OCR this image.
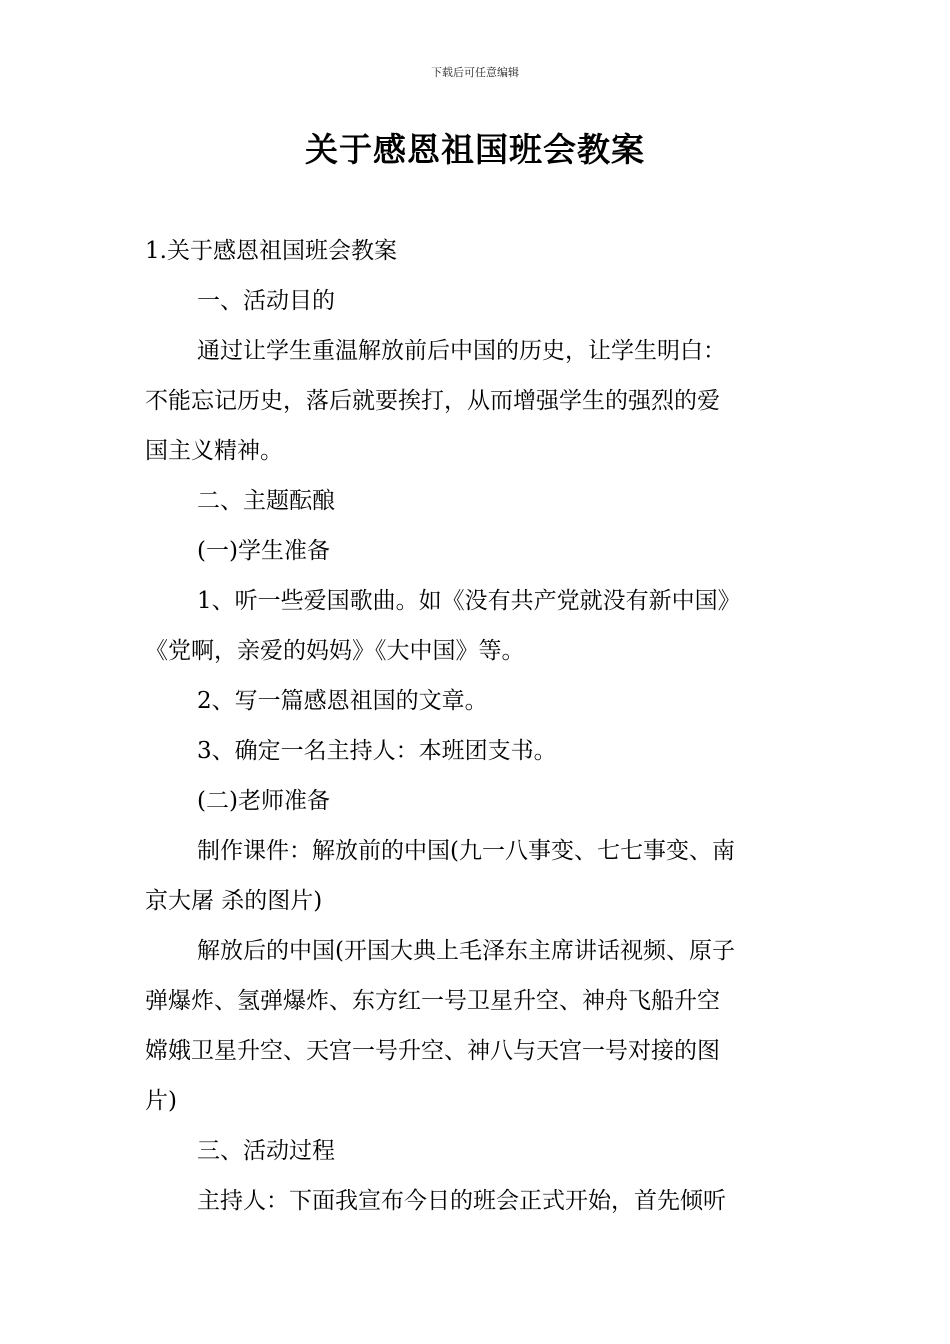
下载后可任意编辑
关于感恩祖国班会教案
1.关于感恩祖国班会教案
一、活动目的
通过让学生重温解放前后中国的历史，让学生明白：
不能忘记历史，落后就要挨打，从而增强学生的强烈的爱
国主义精神。
二、主题酝酿
(一)学生准备
1、听一些爱国歌曲。如《没有共产党就没有新中国》
《党啊，亲爱的妈妈》《大中国》等。
2、写一篇感恩祖国的文章。
3、确定一名主持人：本班团支书。
(二)老师准备
制作课件：解放前的中国(九一八事变、七七事变、南
京大屠 杀的图片)
解放后的中国(开国大典上毛泽东主席讲话视频、原子
弹爆炸、氢弹爆炸、东方红一号卫星升空、神舟飞船升空
嫦娥卫星升空、天宫一号升空、神八与天宫一号对接的图
片)
三、活动过程
主持人：下面我宣布今日的班会正式开始，首先倾听
